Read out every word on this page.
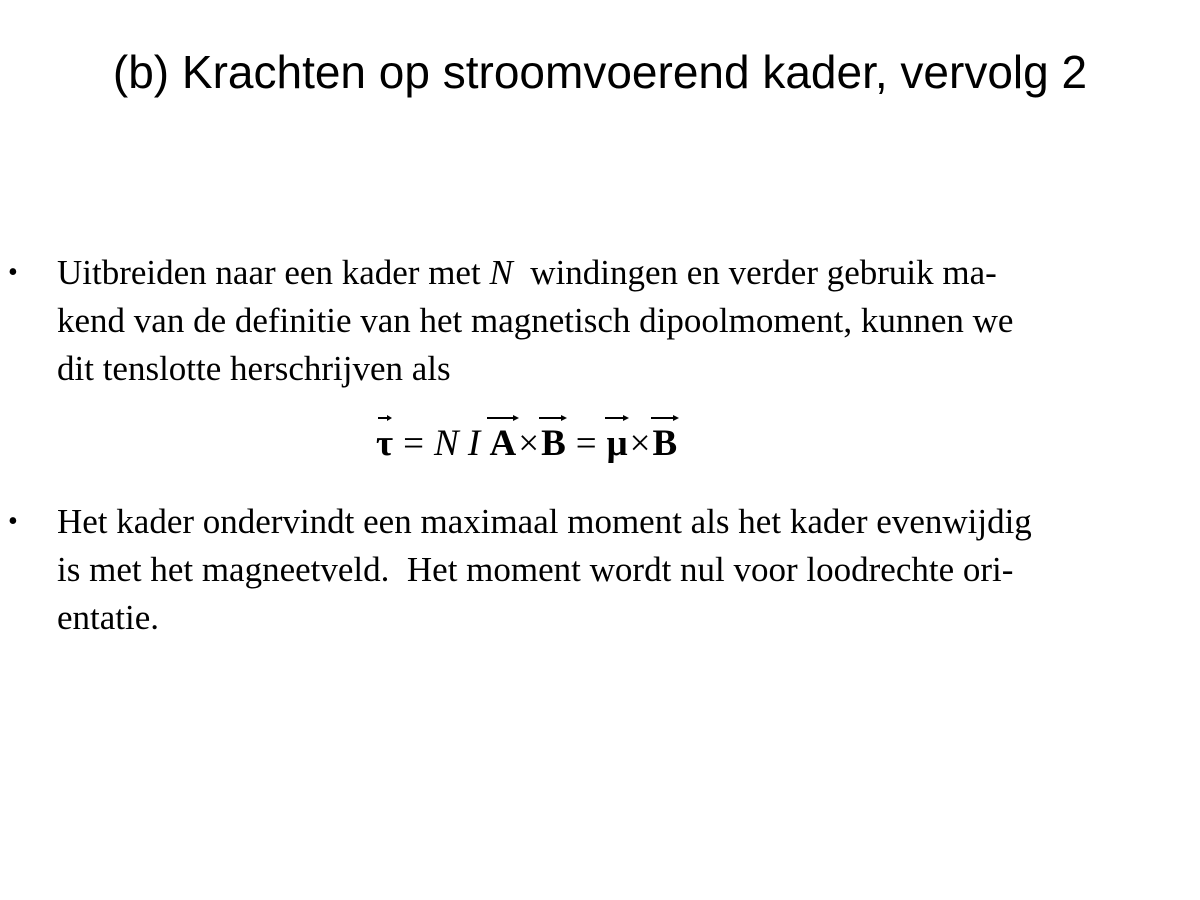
(b) Krachten op stroomvoerend kader, vervolg 2
• Uitbreiden naar een kader met N  windingen en verder gebruik ma-
kend van de definitie van het magnetisch dipoolmoment, kunnen we
dit tenslotte herschrijven als
τ = N I A×
B = μ×
B
• Het kader ondervindt een maximaal moment als het kader evenwijdig
is met het magneetveld.  Het moment wordt nul voor loodrechte ori-
entatie.
